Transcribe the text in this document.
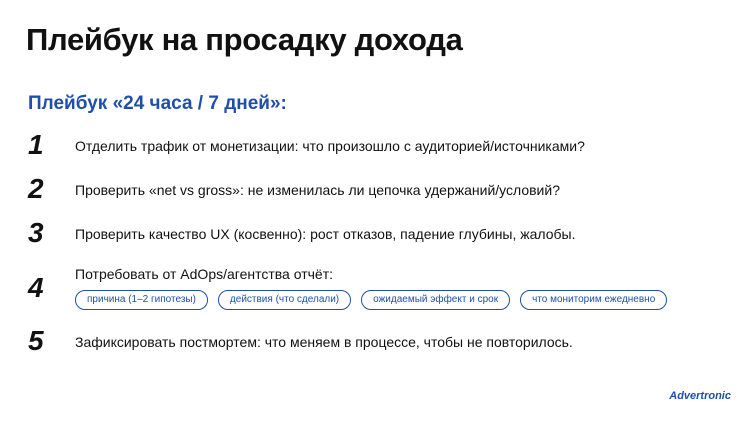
Плейбук на просадку дохода
Плейбук «24 часа / 7 дней»:
1	Отделить трафик от монетизации: что произошло с аудиторией/источниками?
2	Проверить «net vs gross»: не изменилась ли цепочка удержаний/условий?
3	Проверить качество UX (косвенно): рост отказов, падение глубины, жалобы.
4	Потребовать от AdOps/агентства отчёт:
причина (1–2 гипотезы)	действия (что сделали)	ожидаемый эффект и срок	что мониторим ежедневно
5	Зафиксировать постмортем: что меняем в процессе, чтобы не повторилось.
Advertronic
